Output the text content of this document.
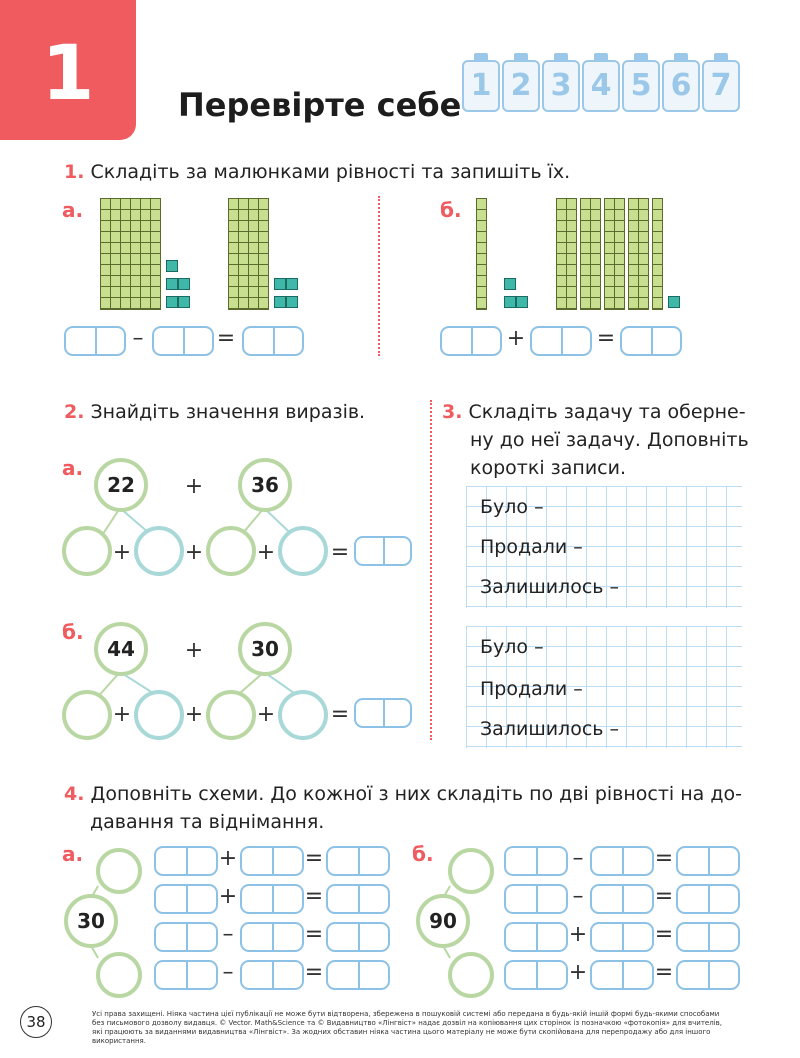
1	Перевірте себе
1 2 3 4 5 6 7
1. Складіть за малюнками рівності та запишіть їх.
а.	б.
–	=	+	=
2. Знайдіть значення виразів.
а.
22	+	36
+ + +	=
б.
44	+	30
+ + +	=
3. Складіть задачу та оберне-
ну до неї задачу. Доповніть
короткі записи.
Було –
Продали –
Залишилось –
Було –
Продали –
Залишилось –
4. Доповніть схеми. До кожної з них складіть по дві рівності на до-
давання та віднімання.
а.
30
+	=
+	=
–	=
–	=
б.
90
–	=
–	=
+	=
+	=
38	Усі права захищені. Ніяка частина цієї публікації не може бути відтворена, збережена в пошуковій системі або передана в будь-якій іншій формі будь-якими способами без письмового дозволу видавця. © Vector. Math&Science та © Видавництво «Лінгвіст» надає дозвіл на копіювання цих сторінок із позначкою «фотокопія» для вчителів, які працюють за виданнями видавництва «Лінгвіст». За жодних обставин ніяка частина цього матеріалу не може бути скопійована для перепродажу або для іншого використання.
